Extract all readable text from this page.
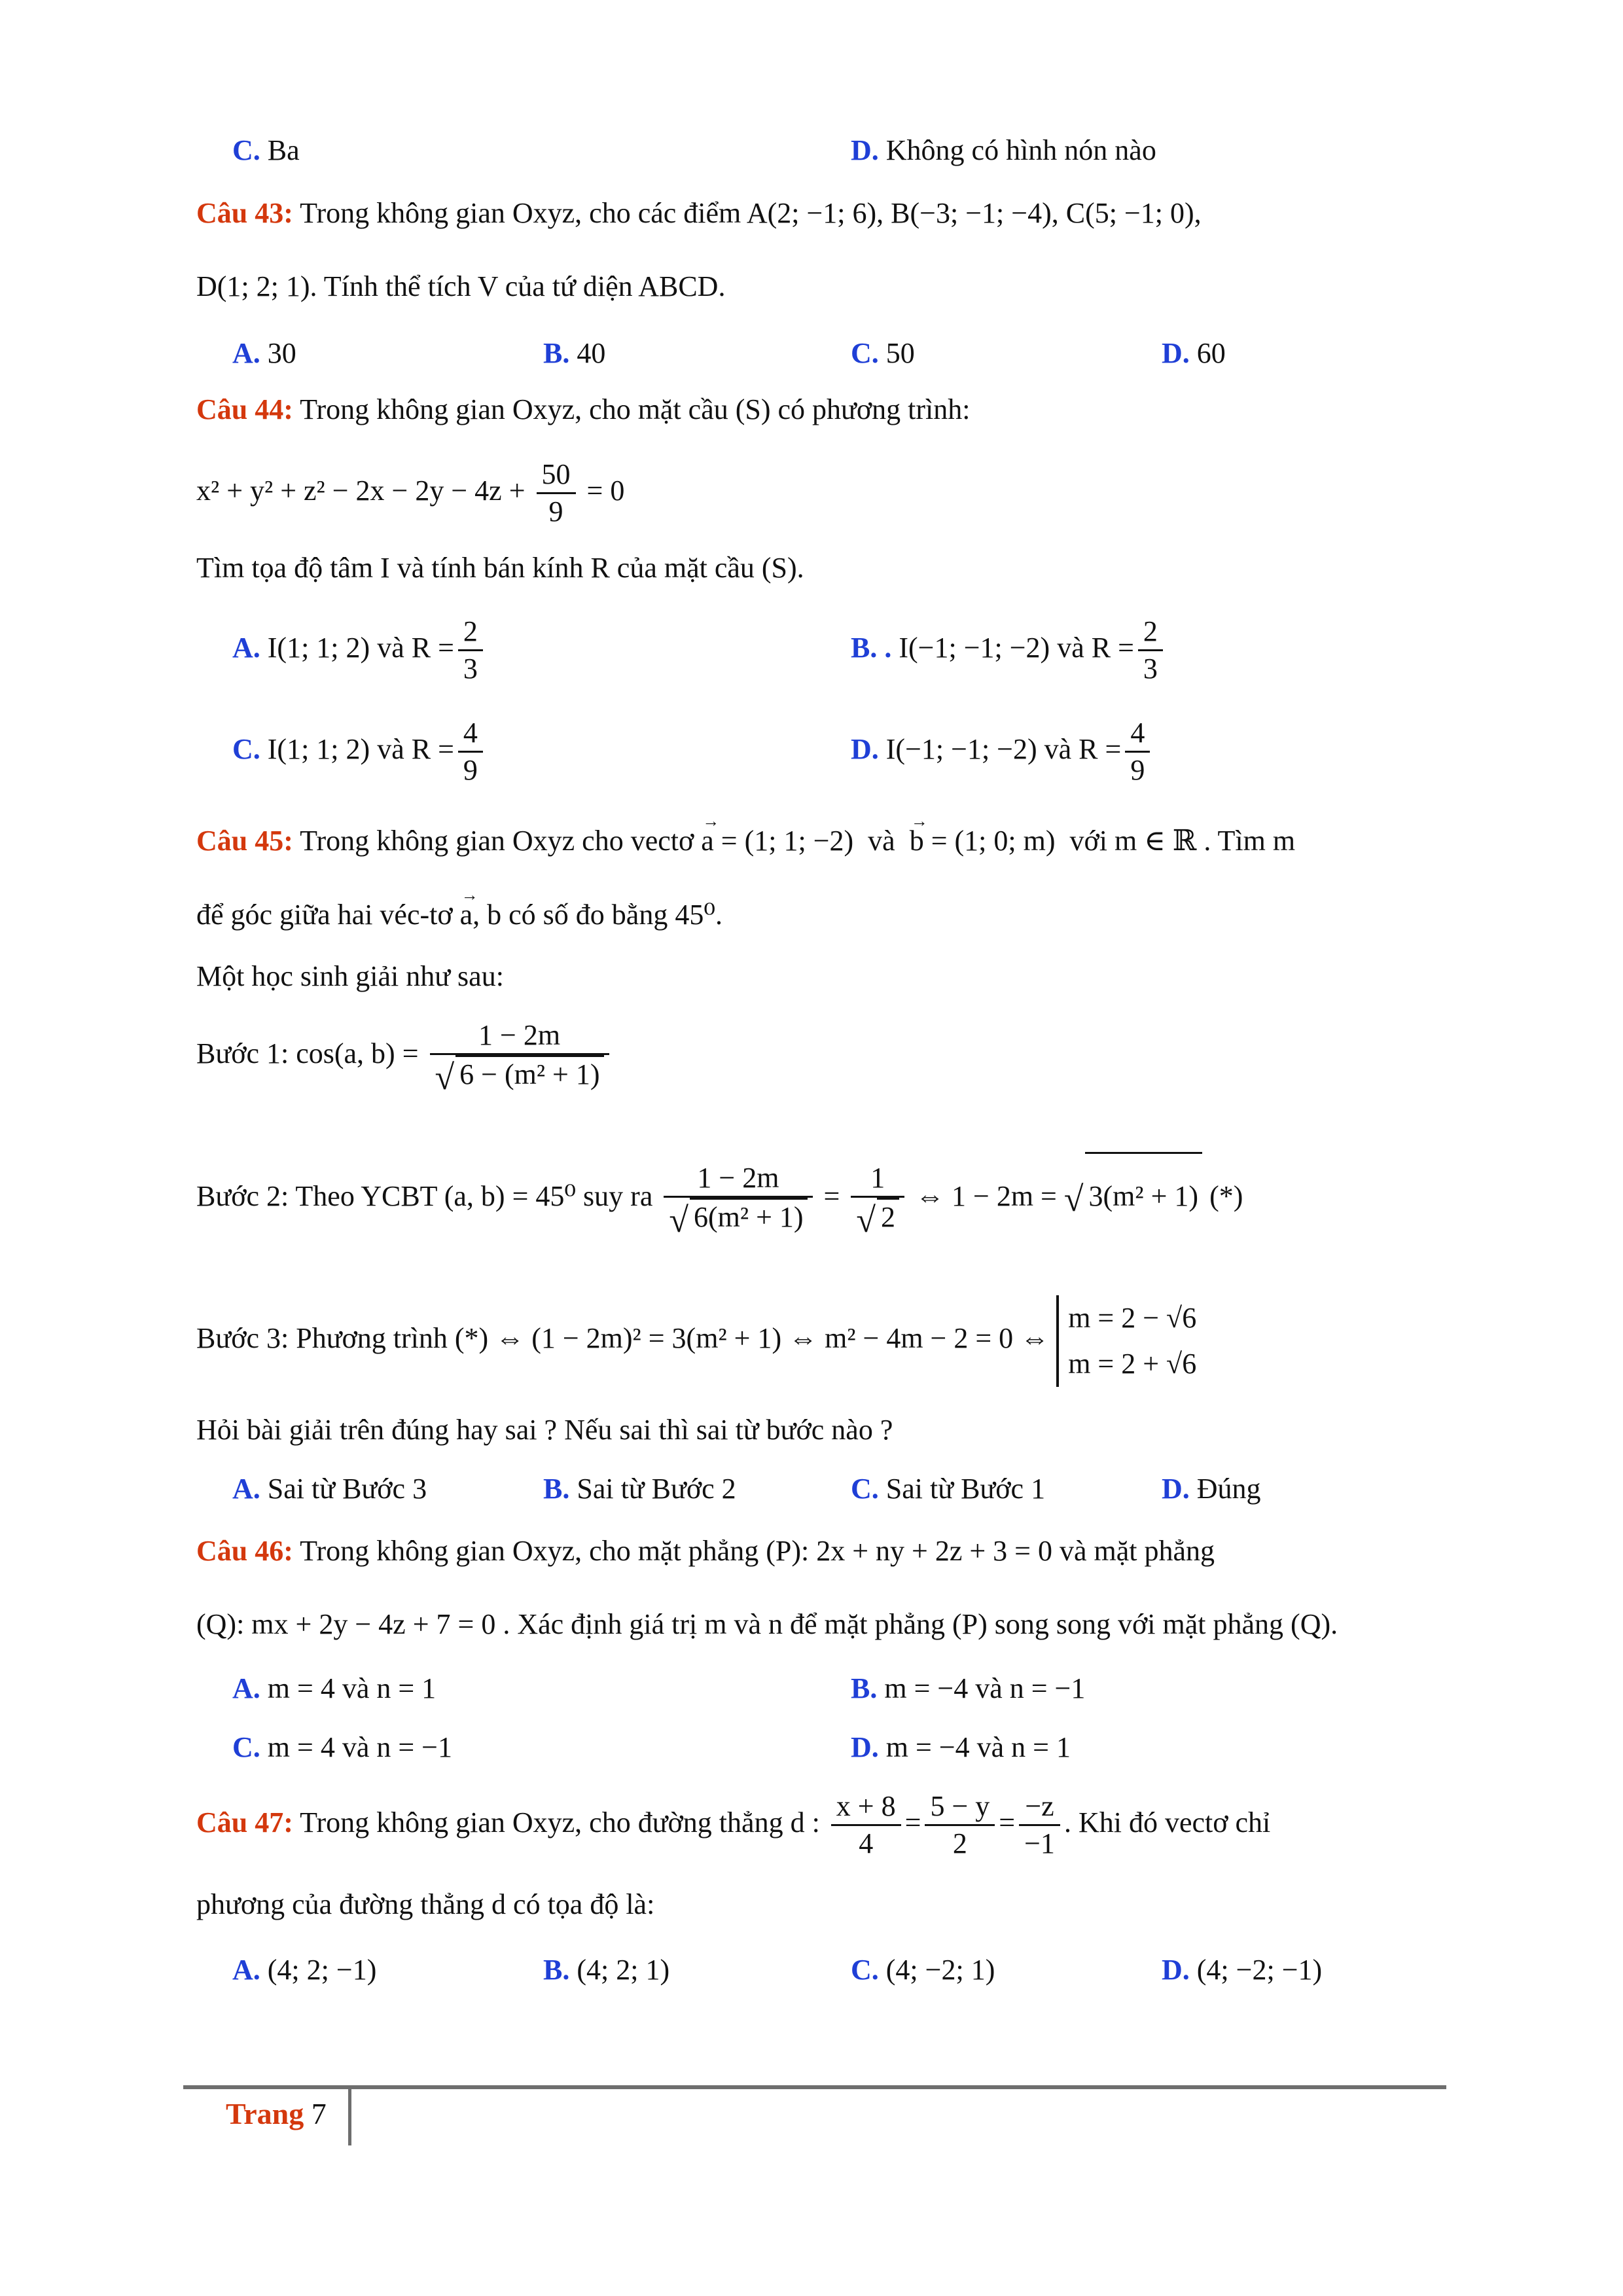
C. Ba	D. Không có hình nón nào
Câu 43: Trong không gian Oxyz, cho các điểm A(2; −1; 6), B(−3; −1; −4), C(5; −1; 0),
D(1; 2; 1). Tính thể tích V của tứ diện ABCD.
A. 30	B. 40	C. 50	D. 60
Câu 44: Trong không gian Oxyz, cho mặt cầu (S) có phương trình:
$x^2 + y^2 + z^2 - 2x - 2y - 4z + \frac{50}{9} = 0$
Tìm tọa độ tâm I và tính bán kính R của mặt cầu (S).
A. I(1; 1; 2) và $R = \frac{2}{3}$	B. . I(−1; −1; −2) và $R = \frac{2}{3}$
C. I(1; 1; 2) và $R = \frac{4}{9}$	D. I(−1; −1; −2) và $R = \frac{4}{9}$
Câu 45: Trong không gian Oxyz cho vectơ → a = (1; 1; −2) và → b = (1; 0; m) với m ∈ ℝ . Tìm m
để góc giữa hai véc-tơ → a, b có số đo bằng 45⁰.
Một học sinh giải như sau:
Bước 1: cos(a, $b) = \frac{1 - 2m}{\text{√ 6 − (m² + 1)}}$
Bước 2: Theo YCBT (a, b) = 45⁰ suy ra $\frac{1 - 2m}{\text{√ 6(m² + 1)}} = \frac{1}{√ 2}$ ⇔ 1 − 2m = √ 3(m² + 1) (*)
Bước 3: Phương trình (*) ⇔ (1 − 2m)² = 3(m² + 1) ⇔ m² − 4m − 2 = 0 ⇔
m = 2 − √6
m = 2 + √6
Hỏi bài giải trên đúng hay sai ? Nếu sai thì sai từ bước nào ?
A. Sai từ Bước 3	B. Sai từ Bước 2	C. Sai từ Bước 1	D. Đúng
Câu 46: Trong không gian Oxyz, cho mặt phẳng (P): 2x + ny + 2z + 3 = 0 và mặt phẳng
(Q): mx + 2y − 4z + 7 = 0 . Xác định giá trị m và n để mặt phẳng (P) song song với mặt phẳng (Q).
A. m = 4 và n = 1	B. m = −4 và n = −1
C. m = 4 và n = −1	D. m = −4 và n = 1
Câu 47: Trong không gian Oxyz, cho đường thẳng d : $\frac{x + 8}{4} = \frac{5 - y}{2} = \frac{-z}{-1}$ . Khi đó vectơ chỉ
phương của đường thẳng d có tọa độ là:
A. (4; 2; −1)	B. (4; 2; 1)	C. (4; −2; 1)	D. (4; −2; −1)
Trang 7
